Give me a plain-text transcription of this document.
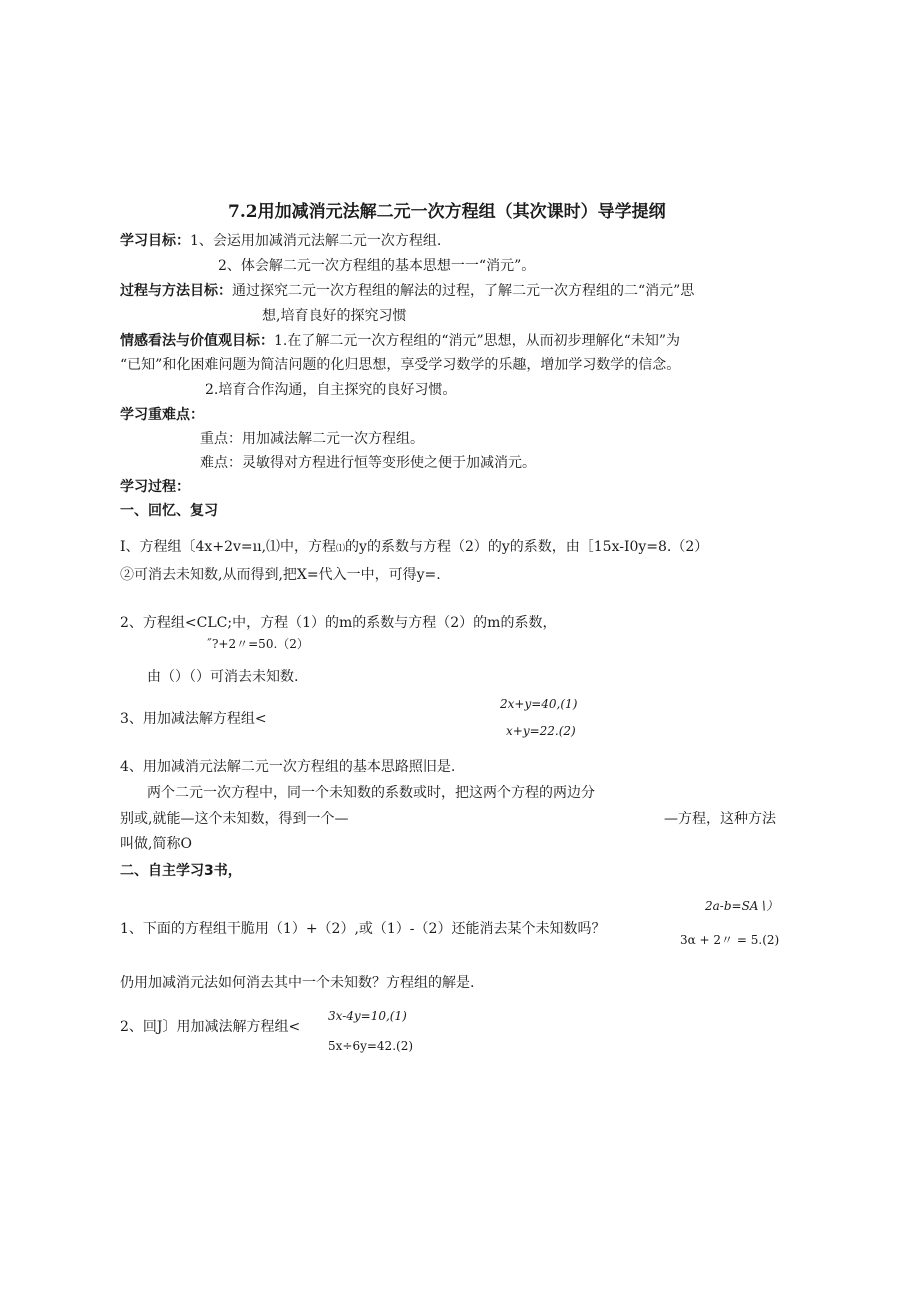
7.2用加减消元法解二元一次方程组（其次课时）导学提纲
学习目标：1、会运用加减消元法解二元一次方程组.
2、体会解二元一次方程组的基本思想一一“消元”。
过程与方法目标：通过探究二元一次方程组的解法的过程，了解二元一次方程组的二“消元”思
想,培育良好的探究习惯
情感看法与价值观目标：1.在了解二元一次方程组的“消元”思想，从而初步理解化“未知”为
“已知”和化困难问题为简洁问题的化归思想，享受学习数学的乐趣，增加学习数学的信念。
2.培育合作沟通，自主探究的良好习惯。
学习重难点：
重点：用加减法解二元一次方程组。
难点：灵敏得对方程进行恒等变形使之便于加减消元。
学习过程：
一、回忆、复习
I、方程组〔4x+2v=ıı,⑴中，方程⑴的y的系数与方程（2）的y的系数，由［15x-I0y=8.（2）
②可消去未知数,从而得到,把X=代入一中，可得y=.
2、方程组<CLC;中，方程（1）的m的系数与方程（2）的m的系数，
˝?+2〃=50.（2）
由（）（）可消去未知数.
2x+y=40,(1)
3、用加减法解方程组<
x+y=22.(2)
4、用加减消元法解二元一次方程组的基本思路照旧是.
两个二元一次方程中，同一个未知数的系数或时，把这两个方程的两边分
别或,就能—这个未知数，得到一个—	—方程，这种方法
叫做,简称O
二、自主学习3书，
2a-b=SA∖）
1、下面的方程组干脆用（1）+（2）,或（1）-（2）还能消去某个未知数吗？
3α + 2〃 = 5.(2)
仍用加减消元法如何消去其中一个未知数？方程组的解是.
3x-4y=10,(1)
2、回J〕用加减法解方程组<
5x÷6y=42.(2)
